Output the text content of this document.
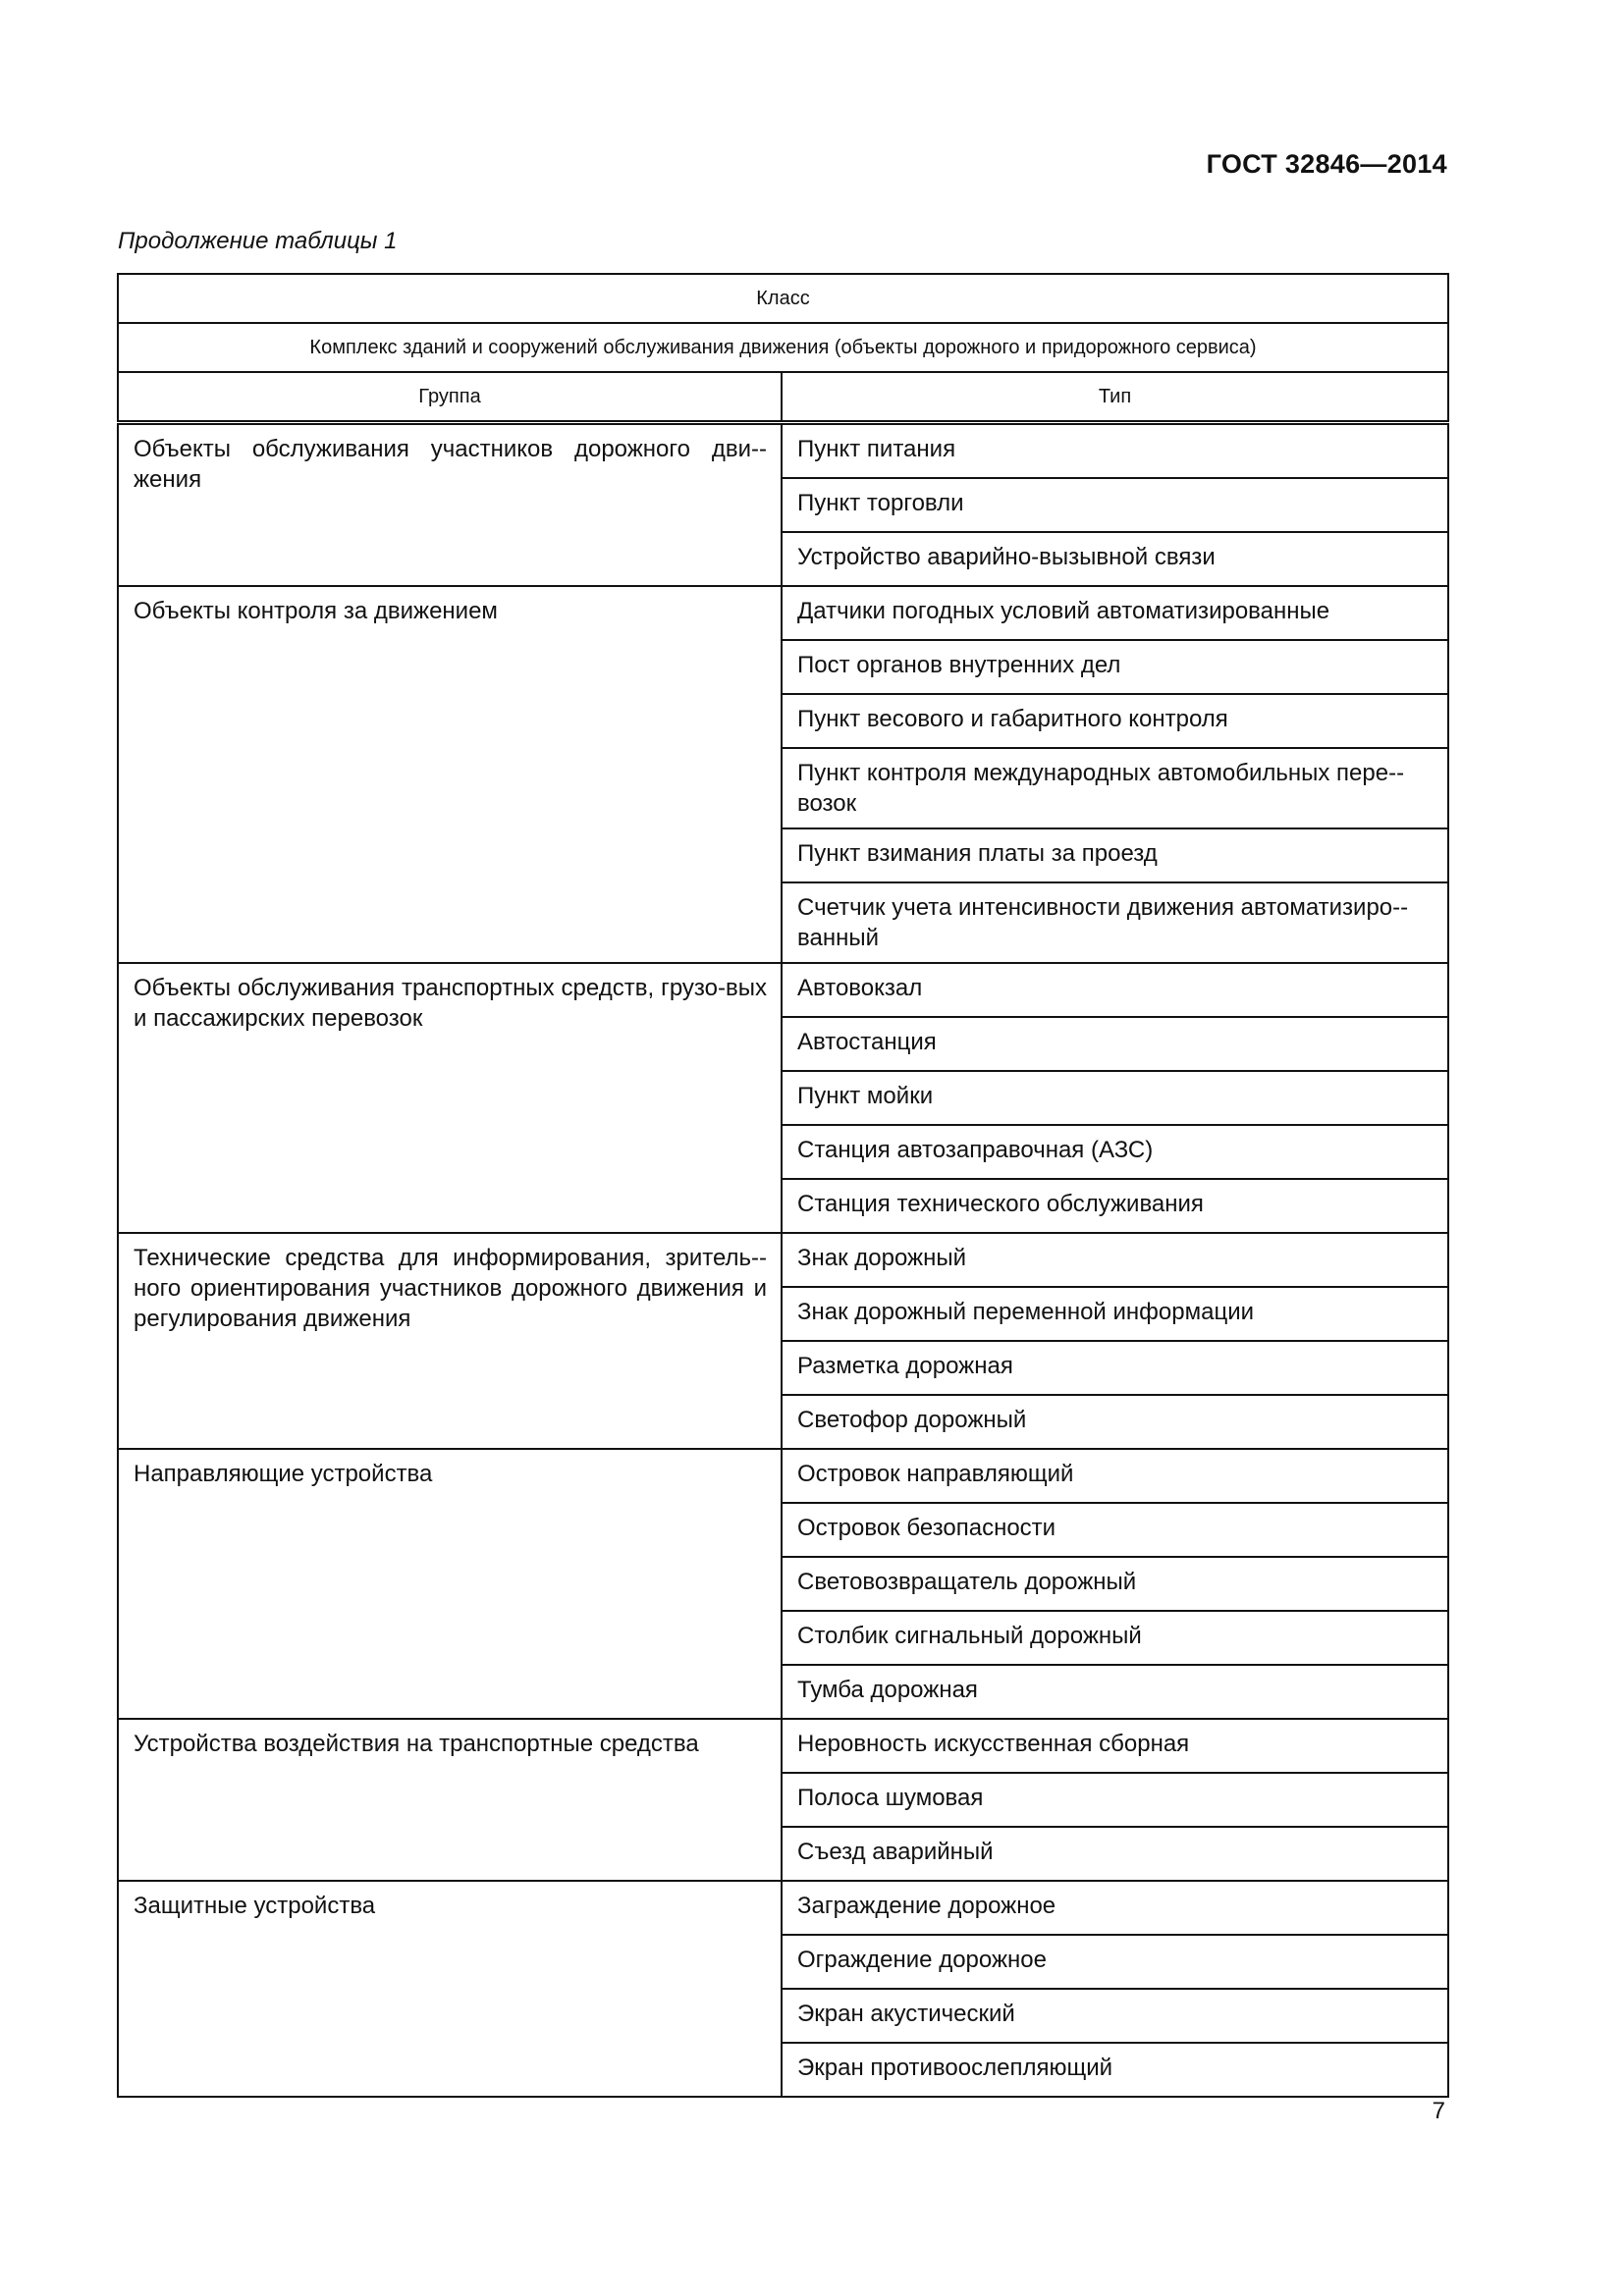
ГОСТ 32846—2014
Продолжение таблицы 1
Класс	
Комплекс зданий и сооружений обслуживания движения (объекты дорожного и придорожного сервиса)	
Группа	Тип
Объекты обслуживания участников дорожного дви-жения	Пункт питания
	Пункт торговли
	Устройство аварийно-вызывной связи
Объекты контроля за движением	Датчики погодных условий автоматизированные
	Пост органов внутренних дел
	Пункт весового и габаритного контроля
	Пункт контроля международных автомобильных пере-возок
	Пункт взимания платы за проезд
	Счетчик учета интенсивности движения автоматизиро-ванный
Объекты обслуживания транспортных средств, грузо-вых и пассажирских перевозок	Автовокзал
	Автостанция
	Пункт мойки
	Станция автозаправочная (АЗС)
	Станция технического обслуживания
Технические средства для информирования, зритель-ного ориентирования участников дорожного движения и регулирования движения	Знак дорожный
	Знак дорожный переменной информации
	Разметка дорожная
	Светофор дорожный
Направляющие устройства	Островок направляющий
	Островок безопасности
	Световозвращатель дорожный
	Столбик сигнальный дорожный
	Тумба дорожная
Устройства воздействия на транспортные средства	Неровность искусственная сборная
	Полоса шумовая
	Съезд аварийный
Защитные устройства	Заграждение дорожное
	Ограждение дорожное
	Экран акустический
	Экран противоослепляющий
7
